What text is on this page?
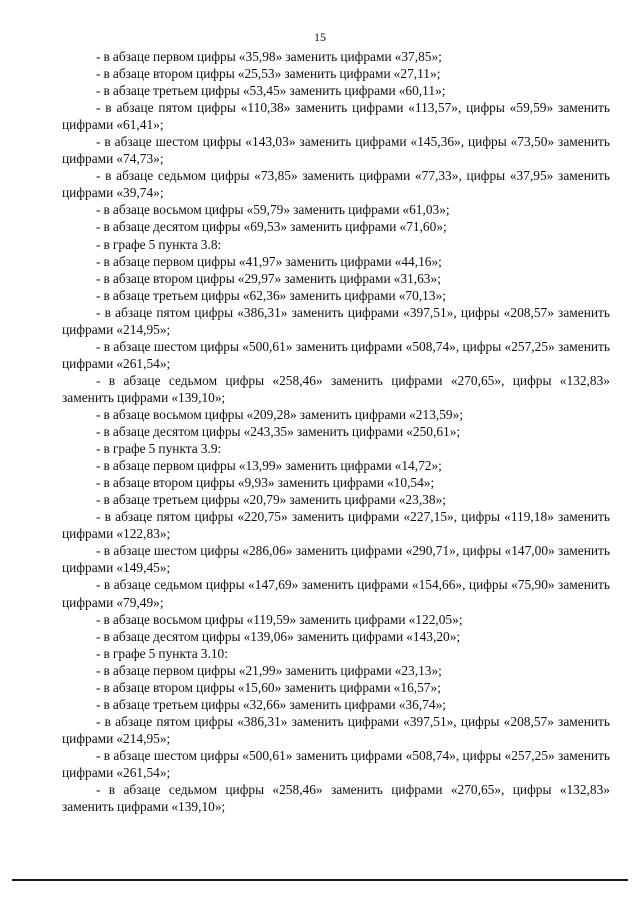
15

- в абзаце первом цифры «35,98» заменить цифрами «37,85»;

- в абзаце втором цифры «25,53» заменить цифрами «27,11»;

- в абзаце третьем цифры «53,45» заменить цифрами «60,11»;

- в абзаце пятом цифры «110,38» заменить цифрами «113,57», цифры «59,59» заменить цифрами «61,41»;

- в абзаце шестом цифры «143,03» заменить цифрами «145,36», цифры «73,50» заменить цифрами «74,73»;

- в абзаце седьмом цифры «73,85» заменить цифрами «77,33», цифры «37,95» заменить цифрами «39,74»;

- в абзаце восьмом цифры «59,79» заменить цифрами «61,03»;

- в абзаце десятом цифры «69,53» заменить цифрами «71,60»;

- в графе 5 пункта 3.8:

- в абзаце первом цифры «41,97» заменить цифрами «44,16»;

- в абзаце втором цифры «29,97» заменить цифрами «31,63»;

- в абзаце третьем цифры «62,36» заменить цифрами «70,13»;

- в абзаце пятом цифры «386,31» заменить цифрами «397,51», цифры «208,57» заменить цифрами «214,95»;

- в абзаце шестом цифры «500,61» заменить цифрами «508,74», цифры «257,25» заменить цифрами «261,54»;

- в абзаце седьмом цифры «258,46» заменить цифрами «270,65», цифры «132,83» заменить цифрами «139,10»;

- в абзаце восьмом цифры «209,28» заменить цифрами «213,59»;

- в абзаце десятом цифры «243,35» заменить цифрами «250,61»;

- в графе 5 пункта 3.9:

- в абзаце первом цифры «13,99» заменить цифрами «14,72»;

- в абзаце втором цифры «9,93» заменить цифрами «10,54»;

- в абзаце третьем цифры «20,79» заменить цифрами «23,38»;

- в абзаце пятом цифры «220,75» заменить цифрами «227,15», цифры «119,18» заменить цифрами «122,83»;

- в абзаце шестом цифры «286,06» заменить цифрами «290,71», цифры «147,00» заменить цифрами «149,45»;

- в абзаце седьмом цифры «147,69» заменить цифрами «154,66», цифры «75,90» заменить цифрами «79,49»;

- в абзаце восьмом цифры «119,59» заменить цифрами «122,05»;

- в абзаце десятом цифры «139,06» заменить цифрами «143,20»;

- в графе 5 пункта 3.10:

- в абзаце первом цифры «21,99» заменить цифрами «23,13»;

- в абзаце втором цифры «15,60» заменить цифрами «16,57»;

- в абзаце третьем цифры «32,66» заменить цифрами «36,74»;

- в абзаце пятом цифры «386,31» заменить цифрами «397,51», цифры «208,57» заменить цифрами «214,95»;

- в абзаце шестом цифры «500,61» заменить цифрами «508,74», цифры «257,25» заменить цифрами «261,54»;

- в абзаце седьмом цифры «258,46» заменить цифрами «270,65», цифры «132,83» заменить цифрами «139,10»;
